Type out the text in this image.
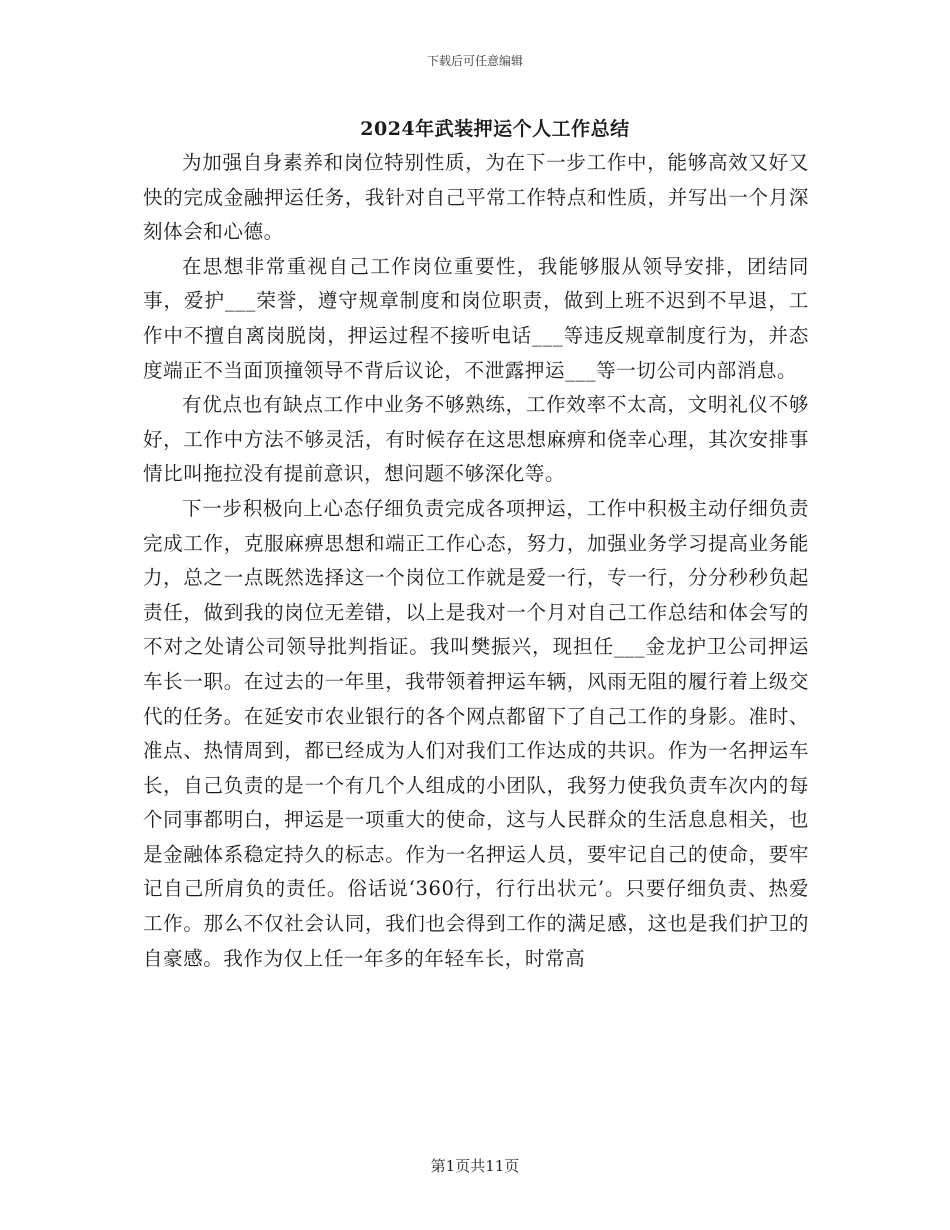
下载后可任意编辑
2024年武装押运个人工作总结

为加强自身素养和岗位特别性质，为在下一步工作中，能够高效又好又快的完成金融押运任务，我针对自己平常工作特点和性质，并写出一个月深刻体会和心德。

在思想非常重视自己工作岗位重要性，我能够服从领导安排，团结同事，爱护___荣誉，遵守规章制度和岗位职责，做到上班不迟到不早退，工作中不擅自离岗脱岗，押运过程不接听电话___等违反规章制度行为，并态度端正不当面顶撞领导不背后议论，不泄露押运___等一切公司内部消息。

有优点也有缺点工作中业务不够熟练，工作效率不太高，文明礼仪不够好，工作中方法不够灵活，有时候存在这思想麻痹和侥幸心理，其次安排事情比叫拖拉没有提前意识，想问题不够深化等。

下一步积极向上心态仔细负责完成各项押运，工作中积极主动仔细负责完成工作，克服麻痹思想和端正工作心态，努力，加强业务学习提高业务能力，总之一点既然选择这一个岗位工作就是爱一行，专一行，分分秒秒负起责任，做到我的岗位无差错，以上是我对一个月对自己工作总结和体会写的不对之处请公司领导批判指证。我叫樊振兴，现担任___金龙护卫公司押运车长一职。在过去的一年里，我带领着押运车辆，风雨无阻的履行着上级交代的任务。在延安市农业银行的各个网点都留下了自己工作的身影。准时、准点、热情周到，都已经成为人们对我们工作达成的共识。作为一名押运车长，自己负责的是一个有几个人组成的小团队，我努力使我负责车次内的每个同事都明白，押运是一项重大的使命，这与人民群众的生活息息相关，也是金融体系稳定持久的标志。作为一名押运人员，要牢记自己的使命，要牢记自己所肩负的责任。俗话说‘360行，行行出状元’。只要仔细负责、热爱工作。那么不仅社会认同，我们也会得到工作的满足感，这也是我们护卫的自豪感。我作为仅上任一年多的年轻车长，时常高

第1页共11页
